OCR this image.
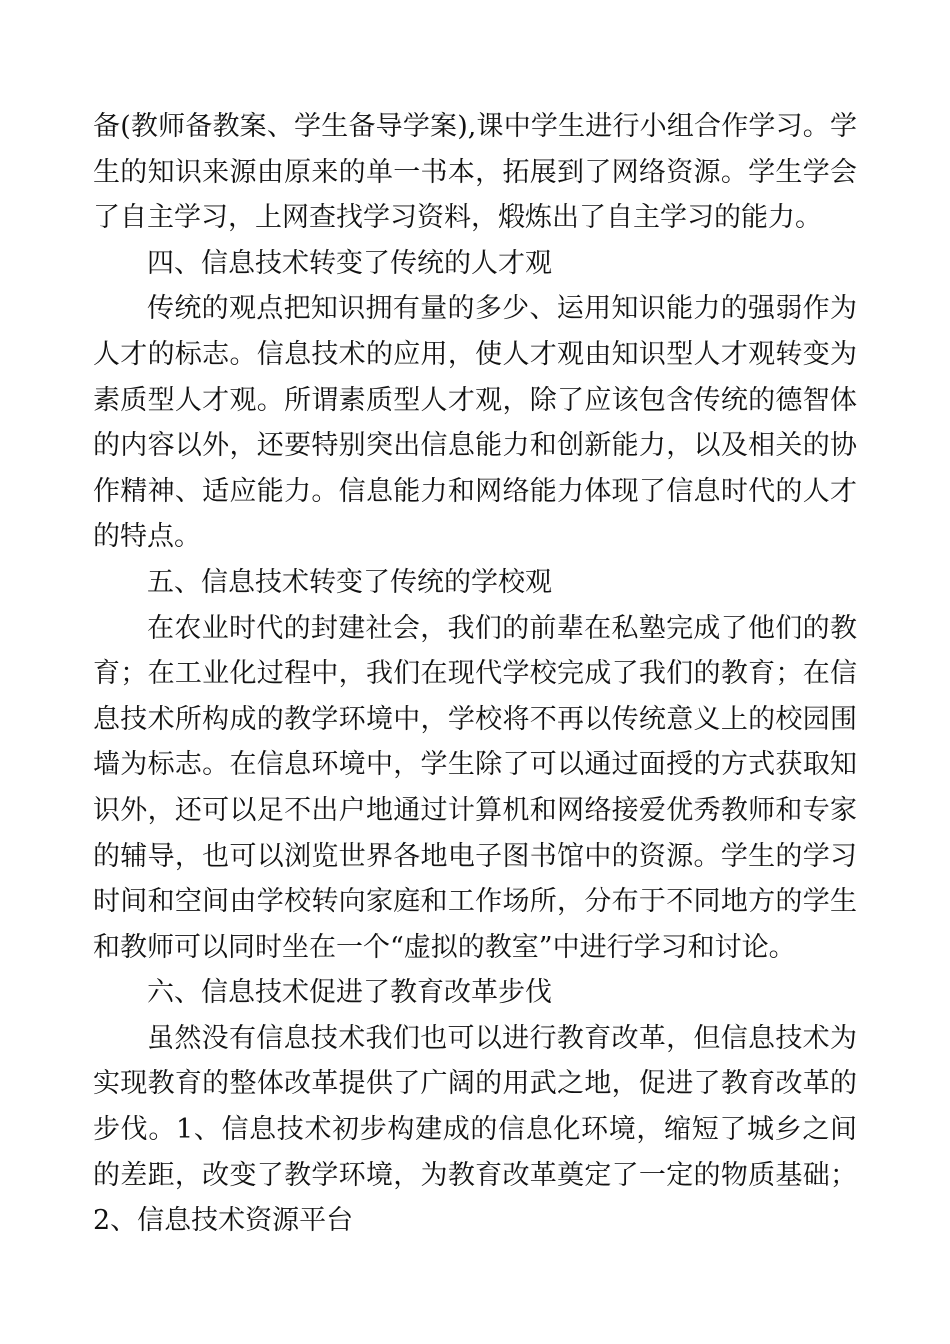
备(教师备教案、学生备导学案),课中学生进行小组合作学习。学生的知识来源由原来的单一书本，拓展到了网络资源。学生学会了自主学习，上网查找学习资料，煅炼出了自主学习的能力。

四、信息技术转变了传统的人才观

传统的观点把知识拥有量的多少、运用知识能力的强弱作为人才的标志。信息技术的应用，使人才观由知识型人才观转变为素质型人才观。所谓素质型人才观，除了应该包含传统的德智体的内容以外，还要特别突出信息能力和创新能力，以及相关的协作精神、适应能力。信息能力和网络能力体现了信息时代的人才的特点。

五、信息技术转变了传统的学校观

在农业时代的封建社会，我们的前辈在私塾完成了他们的教育；在工业化过程中，我们在现代学校完成了我们的教育；在信息技术所构成的教学环境中，学校将不再以传统意义上的校园围墙为标志。在信息环境中，学生除了可以通过面授的方式获取知识外，还可以足不出户地通过计算机和网络接爱优秀教师和专家的辅导，也可以浏览世界各地电子图书馆中的资源。学生的学习时间和空间由学校转向家庭和工作场所，分布于不同地方的学生和教师可以同时坐在一个“虚拟的教室”中进行学习和讨论。

六、信息技术促进了教育改革步伐

虽然没有信息技术我们也可以进行教育改革，但信息技术为实现教育的整体改革提供了广阔的用武之地，促进了教育改革的步伐。1、信息技术初步构建成的信息化环境，缩短了城乡之间的差距，改变了教学环境，为教育改革奠定了一定的物质基础；2、信息技术资源平台
